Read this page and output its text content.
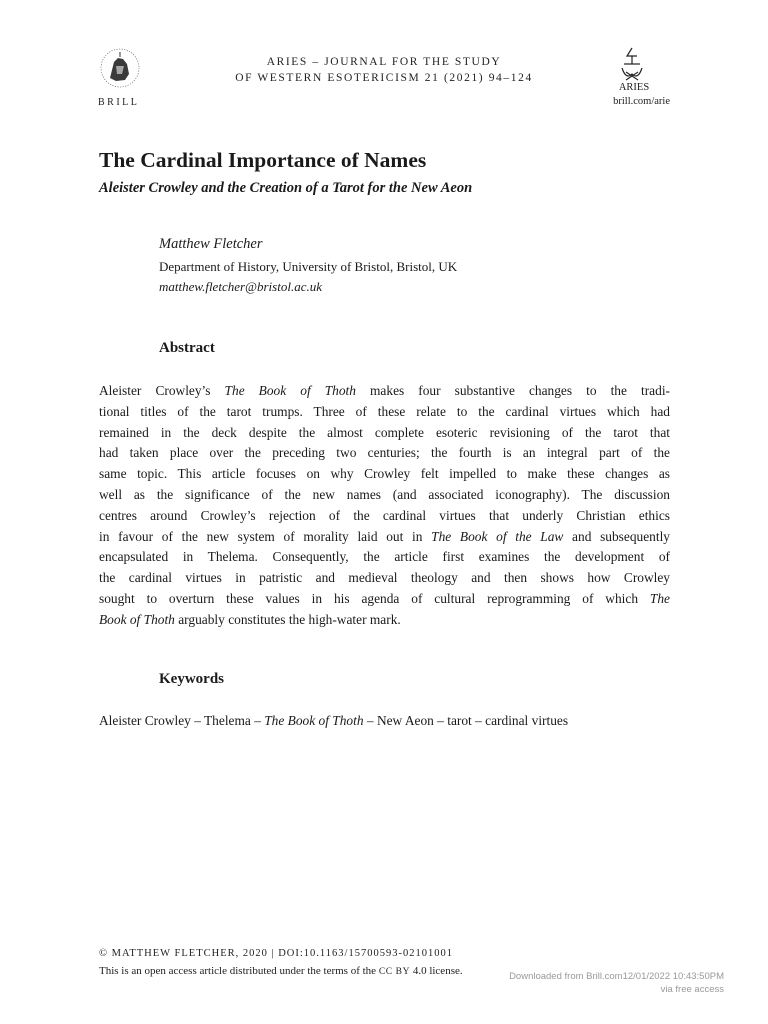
BRILL
ARIES – JOURNAL FOR THE STUDY
OF WESTERN ESOTERICISM 21 (2021) 94–124
ARIES
brill.com/arie
The Cardinal Importance of Names
Aleister Crowley and the Creation of a Tarot for the New Aeon
Matthew Fletcher
Department of History, University of Bristol, Bristol, UK
matthew.fletcher@bristol.ac.uk
Abstract
Aleister Crowley’s The Book of Thoth makes four substantive changes to the tradi-
tional titles of the tarot trumps. Three of these relate to the cardinal virtues which had
remained in the deck despite the almost complete esoteric revisioning of the tarot that
had taken place over the preceding two centuries; the fourth is an integral part of the
same topic. This article focuses on why Crowley felt impelled to make these changes as
well as the significance of the new names (and associated iconography). The discussion
centres around Crowley’s rejection of the cardinal virtues that underly Christian ethics
in favour of the new system of morality laid out in The Book of the Law and subsequently
encapsulated in Thelema. Consequently, the article first examines the development of
the cardinal virtues in patristic and medieval theology and then shows how Crowley
sought to overturn these values in his agenda of cultural reprogramming of which The
Book of Thoth arguably constitutes the high-water mark.
Keywords
Aleister Crowley – Thelema – The Book of Thoth – New Aeon – tarot – cardinal virtues
© MATTHEW FLETCHER, 2020 | DOI:10.1163/15700593-02101001
This is an open access article distributed under the terms of the CC BY 4.0 license.	Downloaded from Brill.com12/01/2022 10:43:50PM
via free access
